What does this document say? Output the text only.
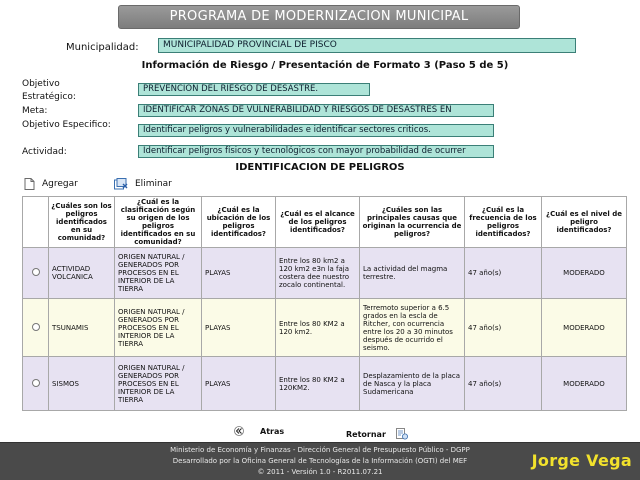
PROGRAMA DE MODERNIZACION MUNICIPAL
Municipalidad:	MUNICIPALIDAD PROVINCIAL DE PISCO
Información de Riesgo / Presentación de Formato 3 (Paso 5 de 5)
Objetivo Estratégico:
PREVENCION DEL RIESGO DE DESASTRE.
Meta:	IDENTIFICAR ZONAS DE VULNERABILIDAD Y RIESGOS DE DESASTRES EN
Objetivo Especifico:	Identificar peligros y vulnerabilidades e identificar sectores criticos.
Actividad:	Identificar peligros físicos y tecnológicos con mayor probabilidad de ocurrer
IDENTIFICACION DE PELIGROS
Agregar	Eliminar
	¿Cuáles son los peligros identificados en su comunidad?	¿Cuál es la clasificación según su origen de los peligros identificados en su comunidad?	¿Cuál es la ubicación de los peligros identificados?	¿Cuál es el alcance de los peligros identificados?	¿Cuáles son las principales causas que originan la ocurrencia de peligros?	¿Cuál es la frecuencia de los peligros identificados?	¿Cuál es el nivel de peligro identificados?
	ACTIVIDAD VOLCANICA	ORIGEN NATURAL / GENERADOS POR PROCESOS EN EL INTERIOR DE LA TIERRA	PLAYAS	Entre los 80 km2 a 120 km2 e3n la faja costera dee nuestro zocalo continental.	La actividad del magma terrestre.	47 año(s)	MODERADO
	TSUNAMIS	ORIGEN NATURAL / GENERADOS POR PROCESOS EN EL INTERIOR DE LA TIERRA	PLAYAS	Entre los 80 KM2 a 120 km2.	Terremoto superior a 6.5 grados en la escla de Ritcher, con ocurrencia entre los 20 a 30 minutos después de ocurrido el seismo.	47 año(s)	MODERADO
	SISMOS	ORIGEN NATURAL / GENERADOS POR PROCESOS EN EL INTERIOR DE LA TIERRA	PLAYAS	Entre los 80 KM2 a 120KM2.	Desplazamiento de la placa de Nasca y la placa Sudamericana	47 año(s)	MODERADO
Atras	Retornar
Ministerio de Economía y Finanzas - Dirección General de Presupuesto Público - DGPP
Desarrollado por la Oficina General de Tecnologías de la Información (OGTI) del MEF
© 2011 - Versión 1.0 - R2011.07.21
Jorge Vega
